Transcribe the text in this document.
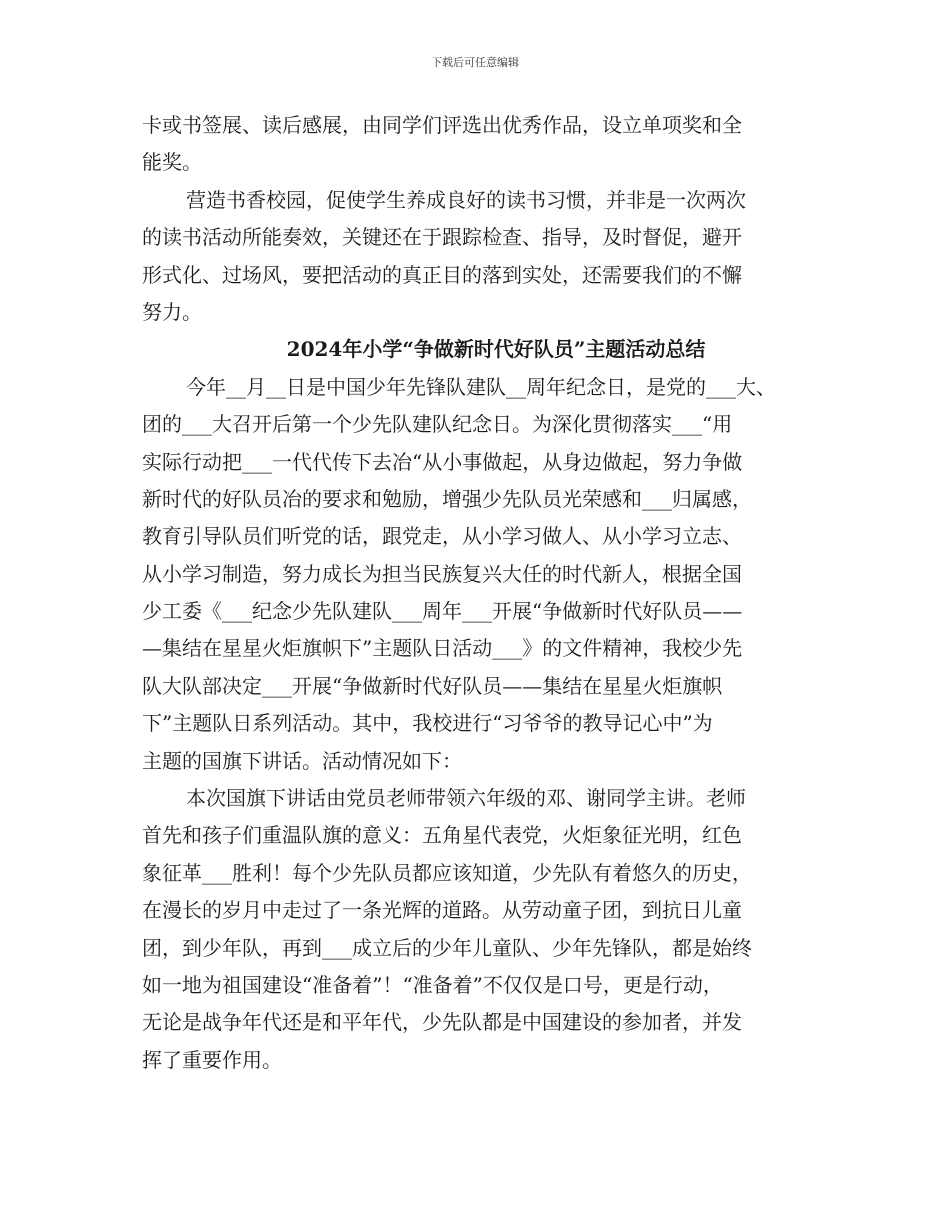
下载后可任意编辑
卡或书签展、读后感展，由同学们评选出优秀作品，设立单项奖和全
能奖。
营造书香校园，促使学生养成良好的读书习惯，并非是一次两次
的读书活动所能奏效，关键还在于跟踪检查、指导，及时督促，避开
形式化、过场风，要把活动的真正目的落到实处，还需要我们的不懈
努力。
2024年小学“争做新时代好队员”主题活动总结
今年__月__日是中国少年先锋队建队__周年纪念日，是党的___大、
团的___大召开后第一个少先队建队纪念日。为深化贯彻落实___“用
实际行动把___一代代传下去冶“从小事做起，从身边做起，努力争做
新时代的好队员冶的要求和勉励，增强少先队员光荣感和___归属感，
教育引导队员们听党的话，跟党走，从小学习做人、从小学习立志、
从小学习制造，努力成长为担当民族复兴大任的时代新人，根据全国
少工委《___纪念少先队建队___周年___开展“争做新时代好队员——
—集结在星星火炬旗帜下”主题队日活动___》的文件精神，我校少先
队大队部决定___开展“争做新时代好队员——集结在星星火炬旗帜
下”主题队日系列活动。其中，我校进行“习爷爷的教导记心中”为
主题的国旗下讲话。活动情况如下：
本次国旗下讲话由党员老师带领六年级的邓、谢同学主讲。老师
首先和孩子们重温队旗的意义：五角星代表党，火炬象征光明，红色
象征革___胜利！每个少先队员都应该知道，少先队有着悠久的历史，
在漫长的岁月中走过了一条光辉的道路。从劳动童子团，到抗日儿童
团，到少年队，再到___成立后的少年儿童队、少年先锋队，都是始终
如一地为祖国建设“准备着”！“准备着”不仅仅是口号，更是行动，
无论是战争年代还是和平年代，少先队都是中国建设的参加者，并发
挥了重要作用。
